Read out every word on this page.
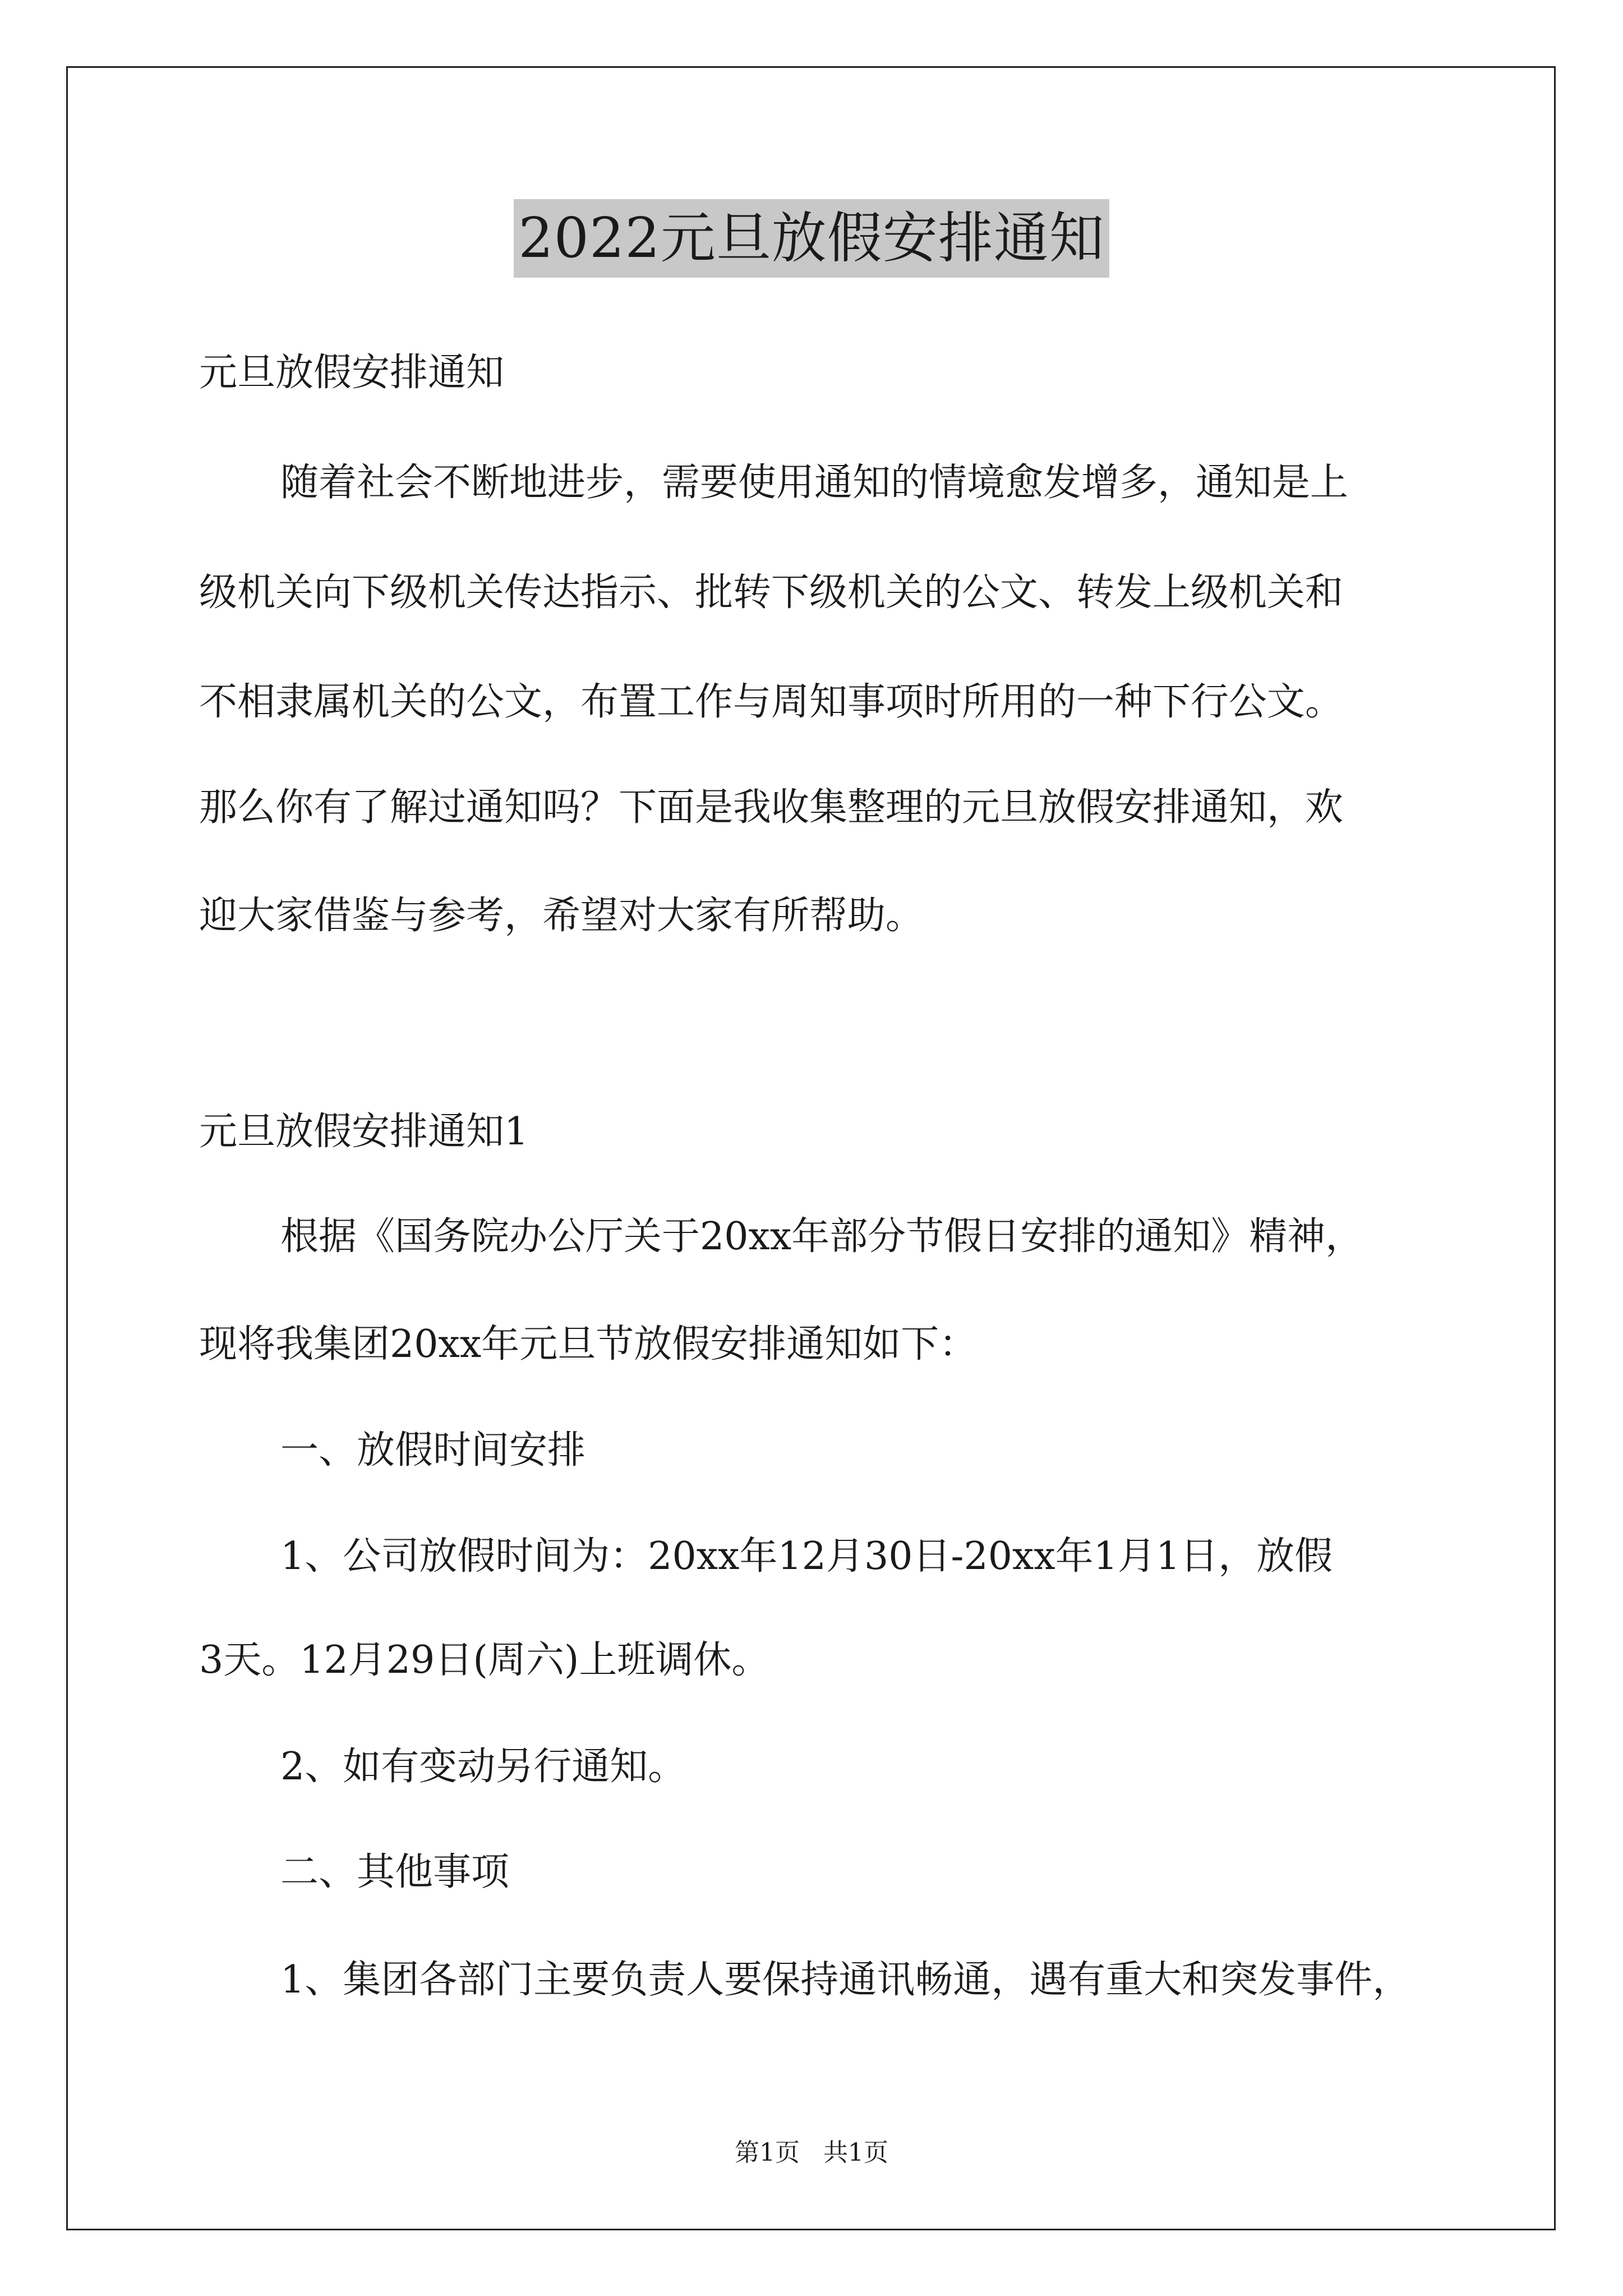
2022元旦放假安排通知

元旦放假安排通知

随着社会不断地进步，需要使用通知的情境愈发增多，通知是上

级机关向下级机关传达指示、批转下级机关的公文、转发上级机关和

不相隶属机关的公文，布置工作与周知事项时所用的一种下行公文。

那么你有了解过通知吗？下面是我收集整理的元旦放假安排通知，欢

迎大家借鉴与参考，希望对大家有所帮助。

元旦放假安排通知1

根据《国务院办公厅关于20xx年部分节假日安排的通知》精神，

现将我集团20xx年元旦节放假安排通知如下：

一、放假时间安排

1、公司放假时间为：20xx年12月30日-20xx年1月1日，放假

3天。12月29日(周六)上班调休。

2、如有变动另行通知。

二、其他事项

1、集团各部门主要负责人要保持通讯畅通，遇有重大和突发事件，

第1页   共1页
